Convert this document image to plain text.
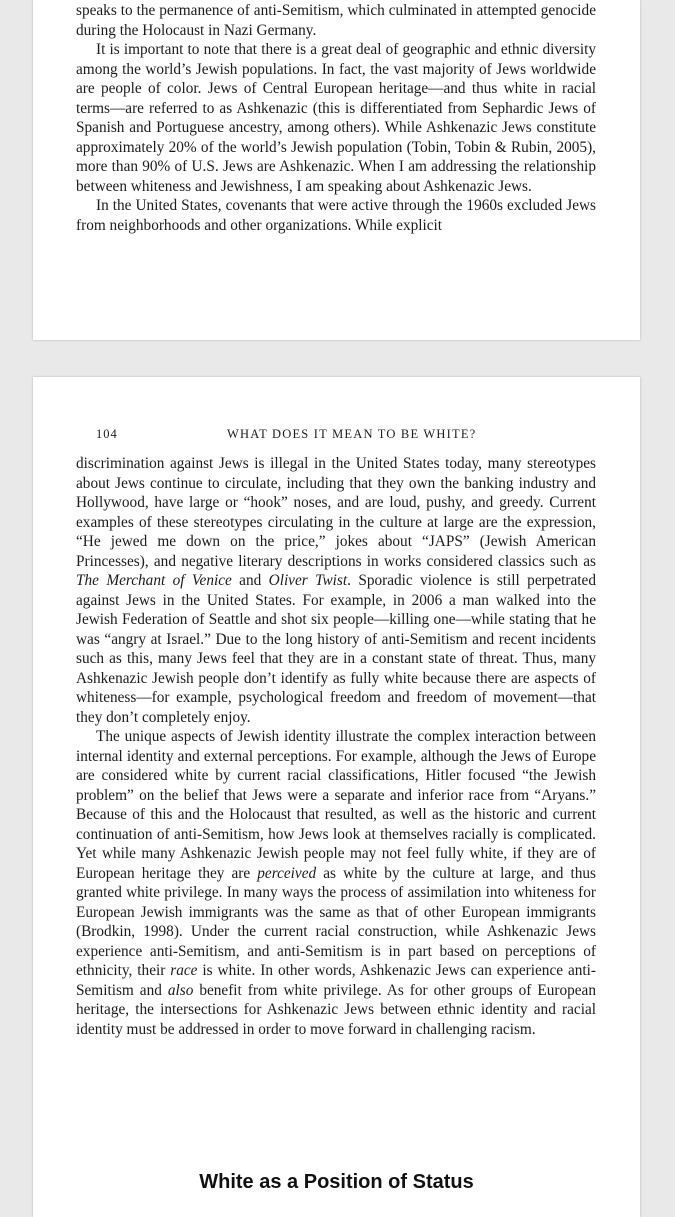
speaks to the permanence of anti-Semitism, which culminated in attempted genocide during the Holocaust in Nazi Germany.

It is important to note that there is a great deal of geographic and ethnic diversity among the world’s Jewish populations. In fact, the vast majority of Jews worldwide are people of color. Jews of Central European heritage—and thus white in racial terms—are referred to as Ashkenazic (this is differentiated from Sephardic Jews of Spanish and Portuguese ancestry, among others). While Ashkenazic Jews constitute approximately 20% of the world’s Jewish population (Tobin, Tobin & Rubin, 2005), more than 90% of U.S. Jews are Ashkenazic. When I am addressing the relationship between whiteness and Jewishness, I am speaking about Ashkenazic Jews.

In the United States, covenants that were active through the 1960s excluded Jews from neighborhoods and other organizations. While explicit

104	WHAT DOES IT MEAN TO BE WHITE?

discrimination against Jews is illegal in the United States today, many stereotypes about Jews continue to circulate, including that they own the banking industry and Hollywood, have large or “hook” noses, and are loud, pushy, and greedy. Current examples of these stereotypes circulating in the culture at large are the expression, “He jewed me down on the price,” jokes about “JAPS” (Jewish American Princesses), and negative literary descriptions in works considered classics such as The Merchant of Venice and Oliver Twist. Sporadic violence is still perpetrated against Jews in the United States. For example, in 2006 a man walked into the Jewish Federation of Seattle and shot six people—killing one—while stating that he was “angry at Israel.” Due to the long history of anti-Semitism and recent incidents such as this, many Jews feel that they are in a constant state of threat. Thus, many Ashkenazic Jewish people don’t identify as fully white because there are aspects of whiteness—for example, psychological freedom and freedom of movement—that they don’t completely enjoy.

The unique aspects of Jewish identity illustrate the complex interaction between internal identity and external perceptions. For example, although the Jews of Europe are considered white by current racial classifications, Hitler focused “the Jewish problem” on the belief that Jews were a separate and inferior race from “Aryans.” Because of this and the Holocaust that resulted, as well as the historic and current continuation of anti-Semitism, how Jews look at themselves racially is complicated. Yet while many Ashkenazic Jewish people may not feel fully white, if they are of European heritage they are perceived as white by the culture at large, and thus granted white privilege. In many ways the process of assimilation into whiteness for European Jewish immigrants was the same as that of other European immigrants (Brodkin, 1998). Under the current racial construction, while Ashkenazic Jews experience anti-Semitism, and anti-Semitism is in part based on perceptions of ethnicity, their race is white. In other words, Ashkenazic Jews can experience anti-Semitism and also benefit from white privilege. As for other groups of European heritage, the intersections for Ashkenazic Jews between ethnic identity and racial identity must be addressed in order to move forward in challenging racism.

White as a Position of Status
